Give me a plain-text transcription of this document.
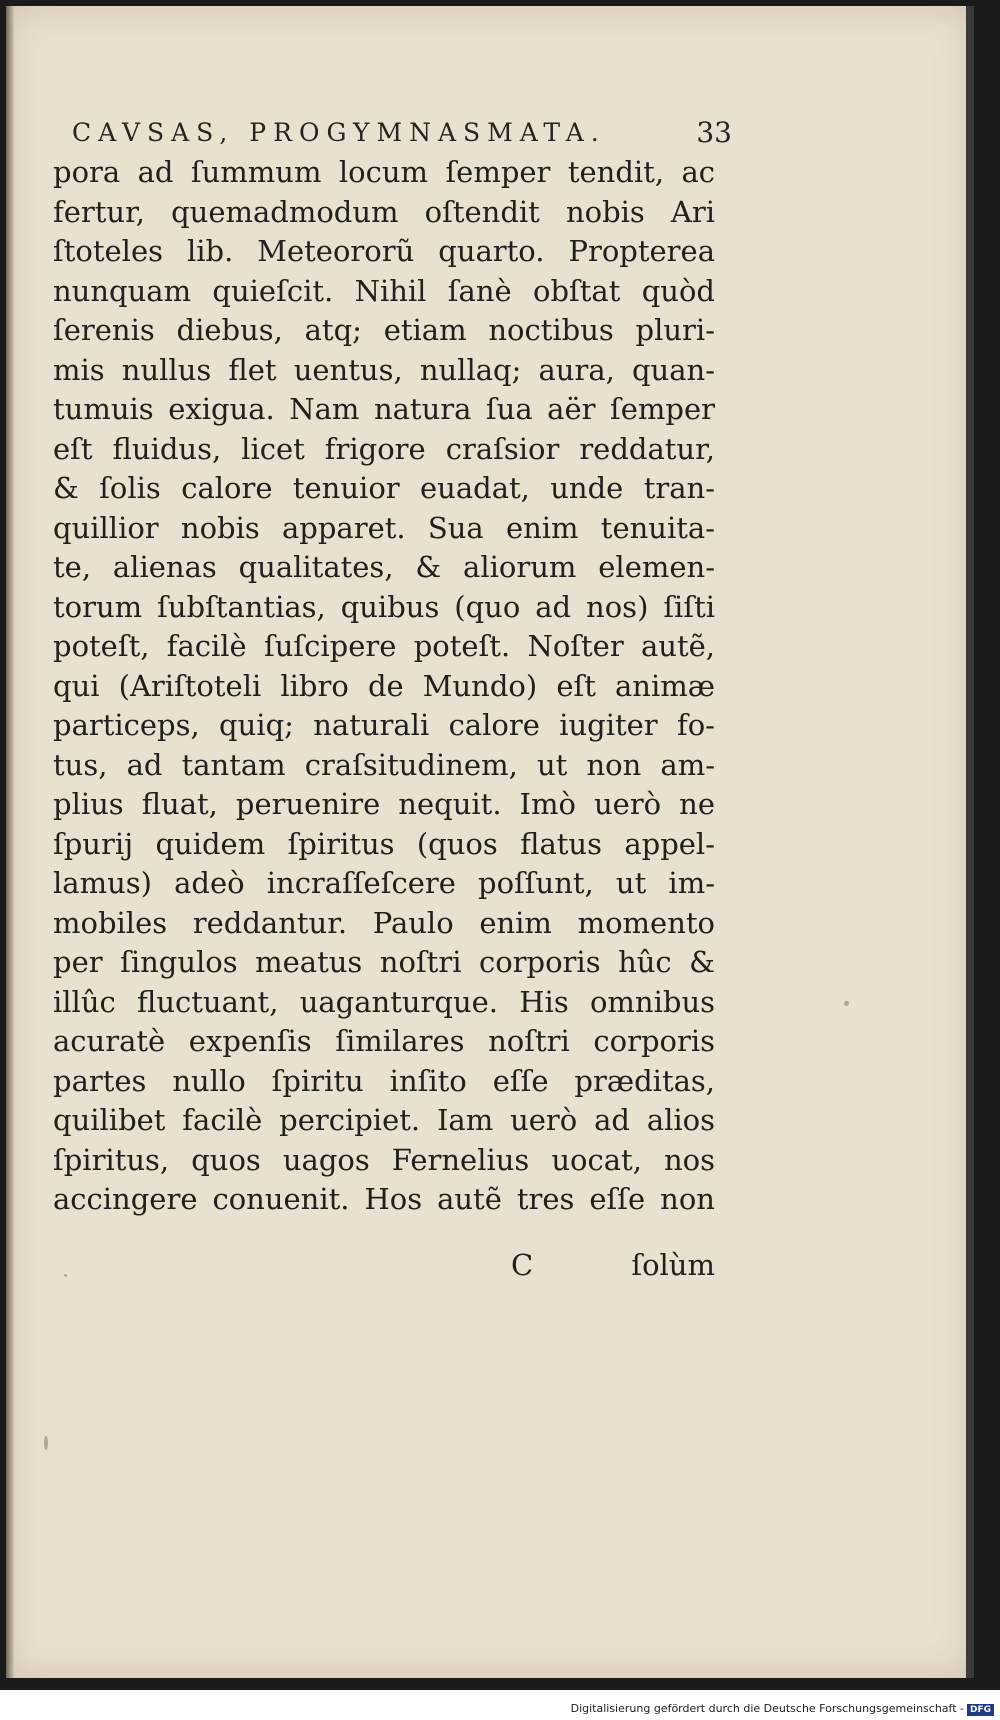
CAVSAS, PROGYMNASMATA.	33
pora ad ſummum locum ſemper tendit, ac
fertur, quemadmodum oſtendit nobis Ari
ſtoteles lib. Meteororũ quarto. Propterea
nunquam quieſcit. Nihil ſanè obſtat quòd
ſerenis diebus, atq; etiam noctibus pluri-
mis nullus flet uentus, nullaq; aura, quan-
tumuis exigua. Nam natura ſua aër ſemper
eſt fluidus, licet frigore craſsior reddatur,
& ſolis calore tenuior euadat, unde tran-
quillior nobis apparet. Sua enim tenuita-
te, alienas qualitates, & aliorum elemen-
torum ſubſtantias, quibus (quo ad nos) ſiſti
poteſt, facilè ſuſcipere poteſt. Noſter autẽ,
qui (Ariſtoteli libro de Mundo) eſt animæ
particeps, quiq; naturali calore iugiter fo-
tus, ad tantam craſsitudinem, ut non am-
plius fluat, peruenire nequit. Imò uerò ne
ſpurij quidem ſpiritus (quos flatus appel-
lamus) adeò incraſſeſcere poſſunt, ut im-
mobiles reddantur. Paulo enim momento
per ſingulos meatus noſtri corporis hûc &
illûc fluctuant, uaganturque. His omnibus
acuratè expenſis ſimilares noſtri corporis
partes nullo ſpiritu inſito eſſe præditas,
quilibet facilè percipiet. Iam uerò ad alios
ſpiritus, quos uagos Fernelius uocat, nos
accingere conuenit. Hos autẽ tres eſſe non
C	ſolùm
Digitalisierung gefördert durch die Deutsche Forschungsgemeinschaft - DFG
